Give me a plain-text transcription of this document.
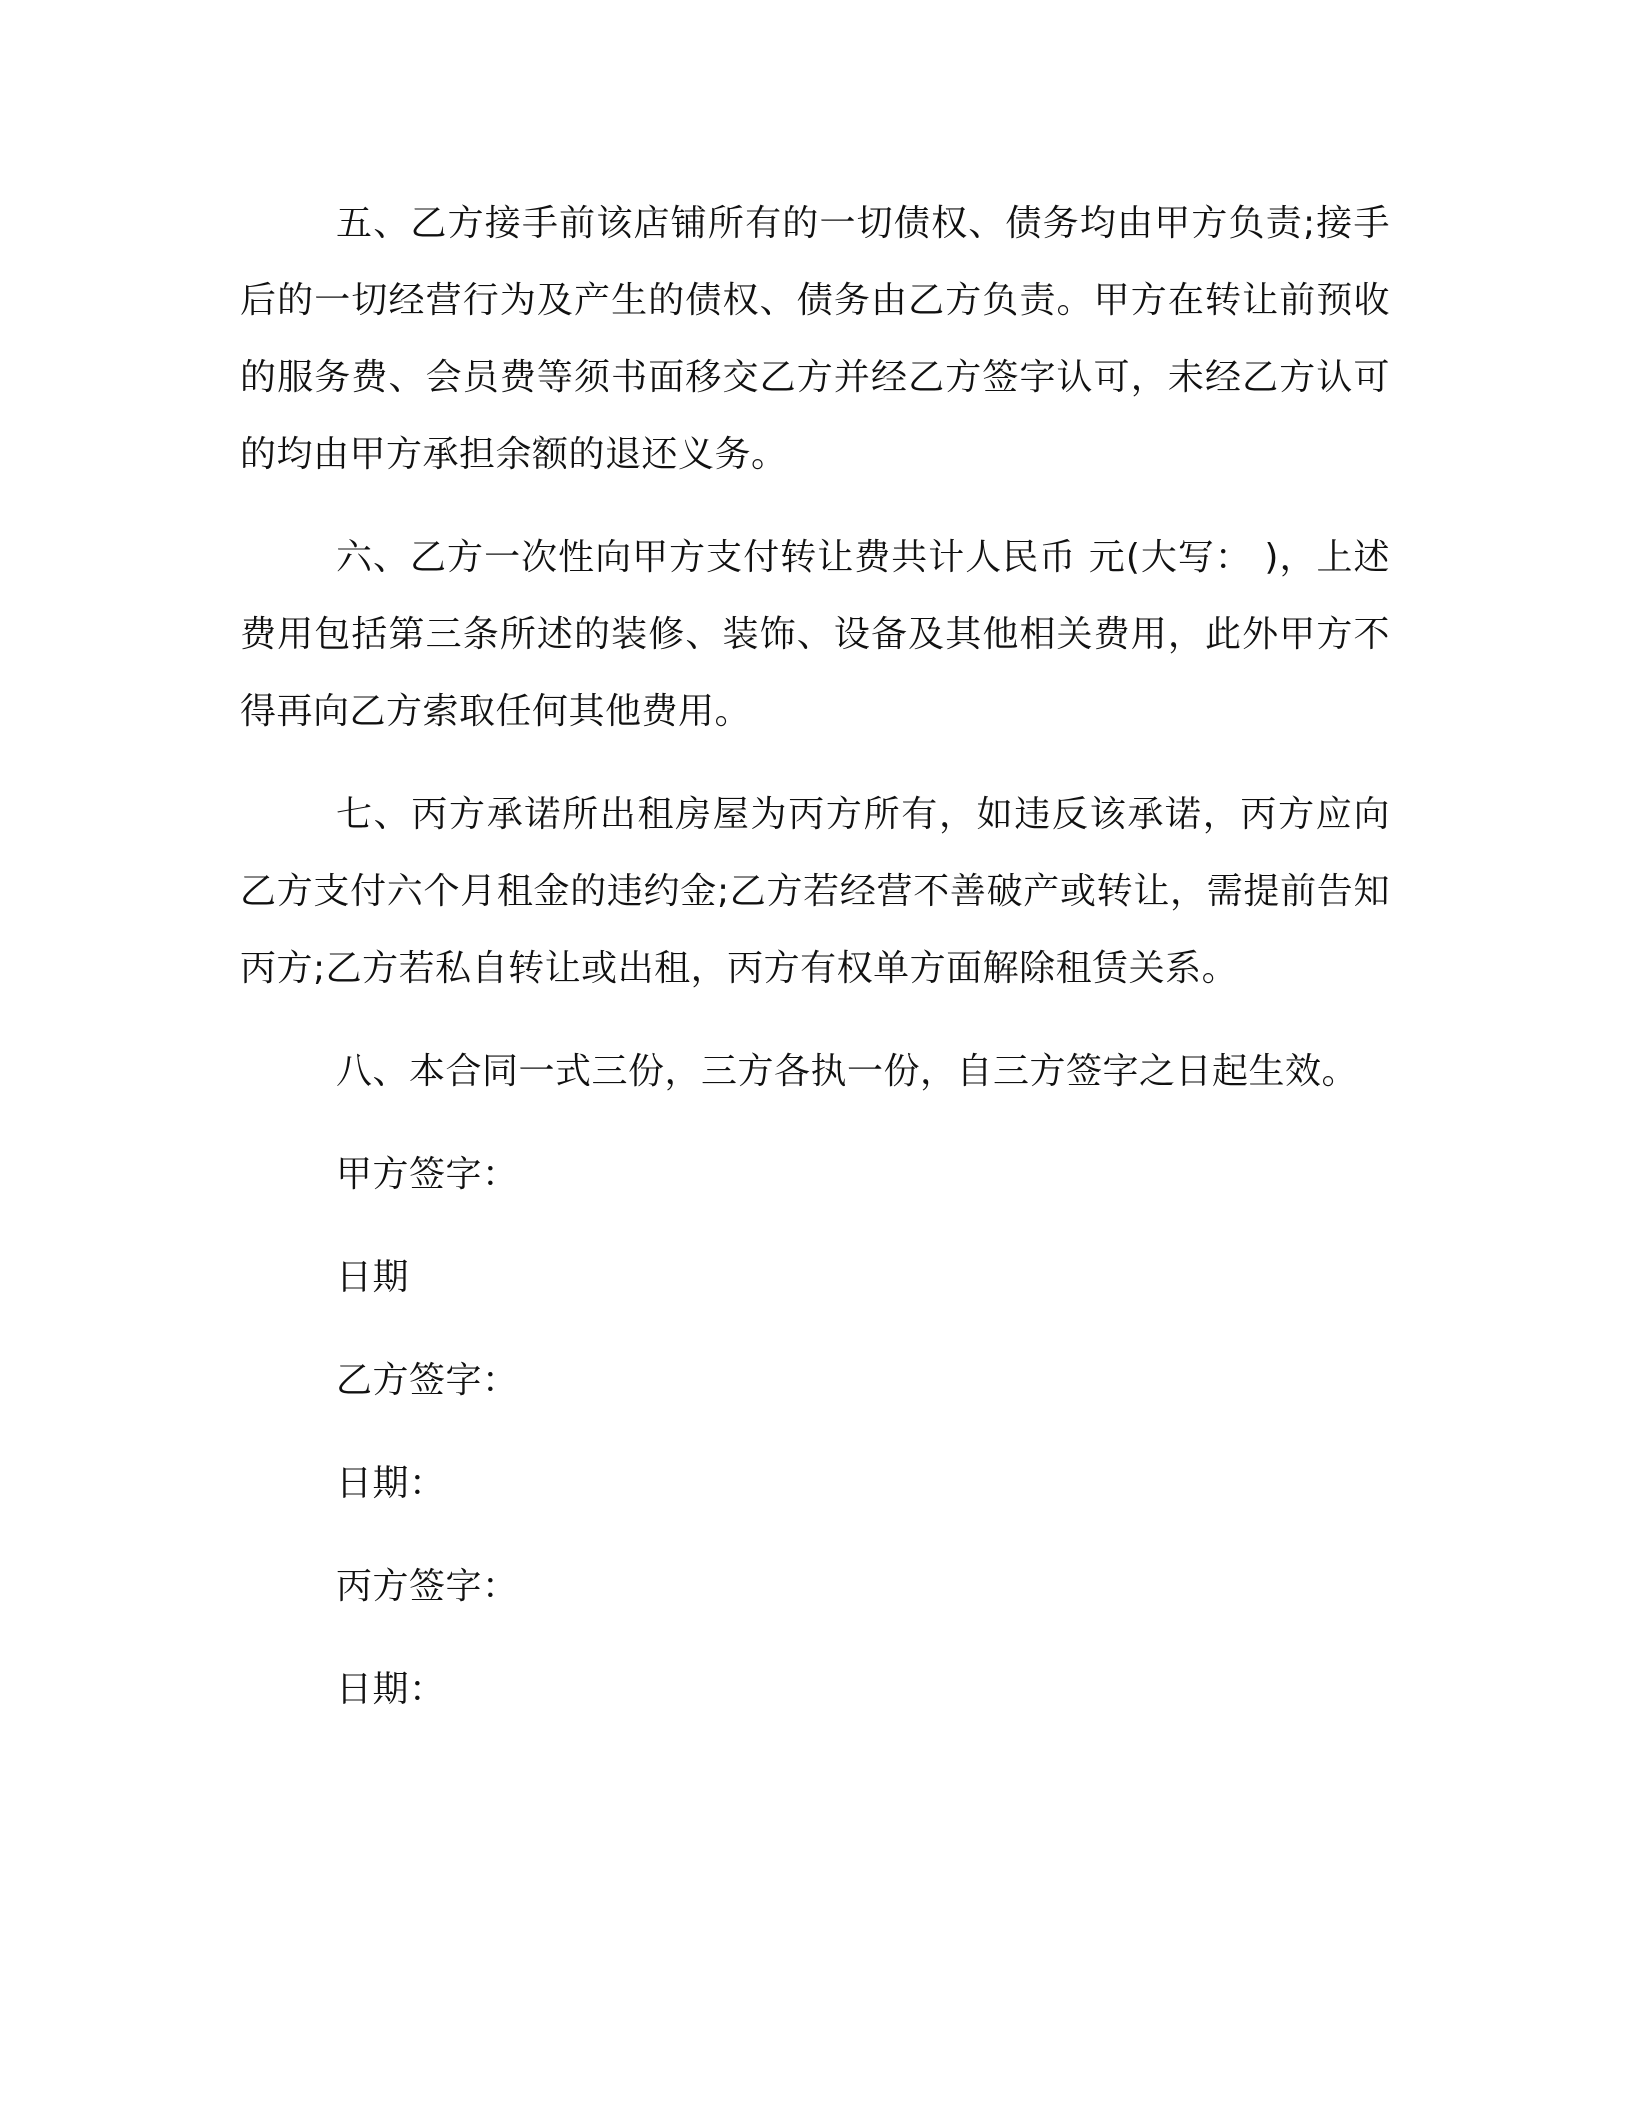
五、乙方接手前该店铺所有的一切债权、债务均由甲方负责;接手后的一切经营行为及产生的债权、债务由乙方负责。甲方在转让前预收的服务费、会员费等须书面移交乙方并经乙方签字认可，未经乙方认可的均由甲方承担余额的退还义务。

六、乙方一次性向甲方支付转让费共计人民币 元(大写： )，上述费用包括第三条所述的装修、装饰、设备及其他相关费用，此外甲方不得再向乙方索取任何其他费用。

七、丙方承诺所出租房屋为丙方所有，如违反该承诺，丙方应向乙方支付六个月租金的违约金;乙方若经营不善破产或转让，需提前告知丙方;乙方若私自转让或出租，丙方有权单方面解除租赁关系。

八、本合同一式三份，三方各执一份，自三方签字之日起生效。

甲方签字：
日期
乙方签字：
日期：
丙方签字：
日期：
